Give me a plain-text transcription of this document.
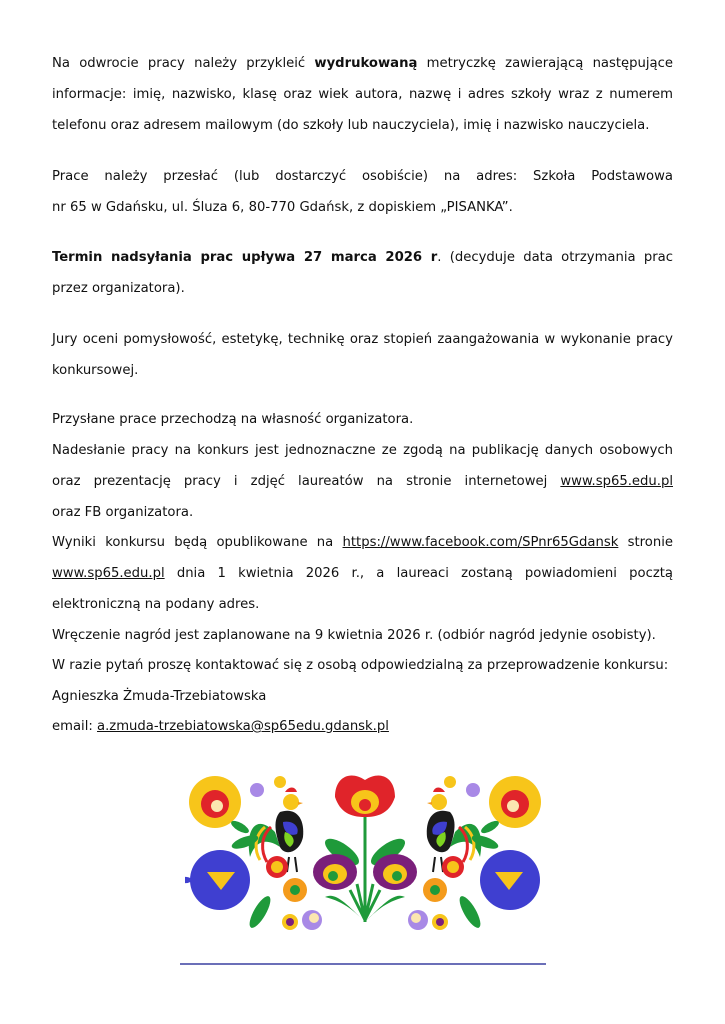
Na odwrocie pracy należy przykleić wydrukowaną metryczkę zawierającą następujące
informacje: imię, nazwisko, klasę oraz wiek autora, nazwę i adres szkoły wraz z numerem
telefonu oraz adresem mailowym (do szkoły lub nauczyciela), imię i nazwisko nauczyciela.
Prace należy przesłać (lub dostarczyć osobiście) na adres: Szkoła Podstawowa
nr 65 w Gdańsku, ul. Śluza 6, 80-770 Gdańsk, z dopiskiem „PISANKA”.
Termin nadsyłania prac upływa 27 marca 2026 r. (decyduje data otrzymania prac
przez organizatora).
Jury oceni pomysłowość, estetykę, technikę oraz stopień zaangażowania w wykonanie pracy
konkursowej.
Przysłane prace przechodzą na własność organizatora.
Nadesłanie pracy na konkurs jest jednoznaczne ze zgodą na publikację danych osobowych
oraz prezentację pracy i zdjęć laureatów na stronie internetowej www.sp65.edu.pl
oraz FB organizatora.
Wyniki konkursu będą opublikowane na https://www.facebook.com/SPnr65Gdansk stronie
www.sp65.edu.pl dnia 1 kwietnia 2026 r., a laureaci zostaną powiadomieni pocztą
elektroniczną na podany adres.
Wręczenie nagród jest zaplanowane na 9 kwietnia 2026 r. (odbiór nagród jedynie osobisty).
W razie pytań proszę kontaktować się z osobą odpowiedzialną za przeprowadzenie konkursu:
Agnieszka Żmuda-Trzebiatowska
email: a.zmuda-trzebiatowska@sp65edu.gdansk.pl
